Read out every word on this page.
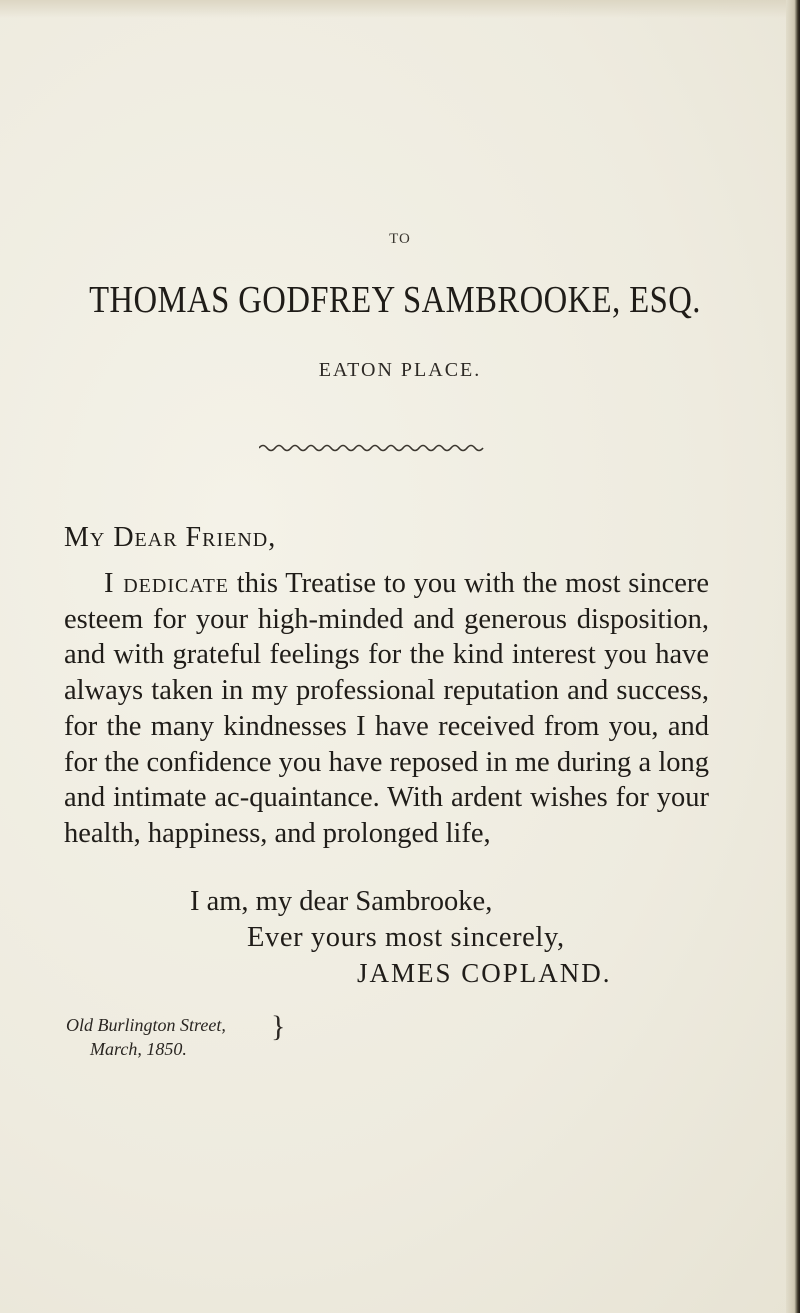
TO
THOMAS GODFREY SAMBROOKE, ESQ.
EATON PLACE.
My Dear Friend,
I dedicate this Treatise to you with the most sincere esteem for your high-minded and generous disposition, and with grateful feelings for the kind interest you have always taken in my professional reputation and success, for the many kindnesses I have received from you, and for the confidence you have reposed in me during a long and intimate ac-quaintance. With ardent wishes for your health, happiness, and prolonged life,
I am, my dear Sambrooke,
Ever yours most sincerely,
JAMES COPLAND.
Old Burlington Street,
March, 1850.
}
